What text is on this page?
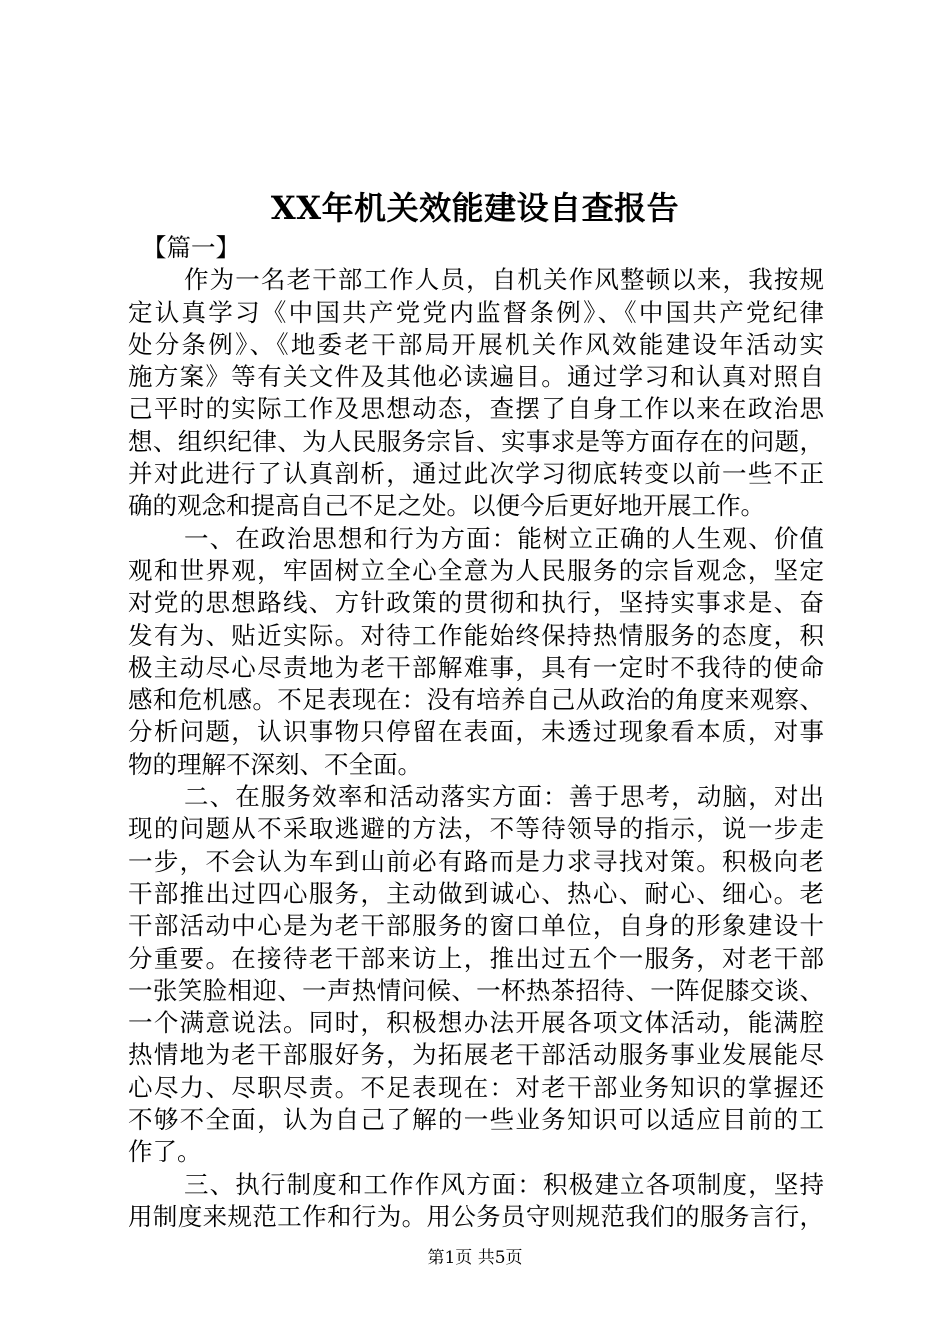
XX年机关效能建设自查报告
【篇一】
作为一名老干部工作人员，自机关作风整顿以来，我按规
定认真学习《中国共产党党内监督条例》、《中国共产党纪律
处分条例》、《地委老干部局开展机关作风效能建设年活动实
施方案》等有关文件及其他必读遍目。通过学习和认真对照自
己平时的实际工作及思想动态，查摆了自身工作以来在政治思
想、组织纪律、为人民服务宗旨、实事求是等方面存在的问题，
并对此进行了认真剖析，通过此次学习彻底转变以前一些不正
确的观念和提高自己不足之处。以便今后更好地开展工作。
一、在政治思想和行为方面：能树立正确的人生观、价值
观和世界观，牢固树立全心全意为人民服务的宗旨观念，坚定
对党的思想路线、方针政策的贯彻和执行，坚持实事求是、奋
发有为、贴近实际。对待工作能始终保持热情服务的态度，积
极主动尽心尽责地为老干部解难事，具有一定时不我待的使命
感和危机感。不足表现在：没有培养自己从政治的角度来观察、
分析问题，认识事物只停留在表面，未透过现象看本质，对事
物的理解不深刻、不全面。
二、在服务效率和活动落实方面：善于思考，动脑，对出
现的问题从不采取逃避的方法，不等待领导的指示，说一步走
一步，不会认为车到山前必有路而是力求寻找对策。积极向老
干部推出过四心服务，主动做到诚心、热心、耐心、细心。老
干部活动中心是为老干部服务的窗口单位，自身的形象建设十
分重要。在接待老干部来访上，推出过五个一服务，对老干部
一张笑脸相迎、一声热情问候、一杯热茶招待、一阵促膝交谈、
一个满意说法。同时，积极想办法开展各项文体活动，能满腔
热情地为老干部服好务，为拓展老干部活动服务事业发展能尽
心尽力、尽职尽责。不足表现在：对老干部业务知识的掌握还
不够不全面，认为自己了解的一些业务知识可以适应目前的工
作了。
三、执行制度和工作作风方面：积极建立各项制度，坚持
用制度来规范工作和行为。用公务员守则规范我们的服务言行，
第1页 共5页
